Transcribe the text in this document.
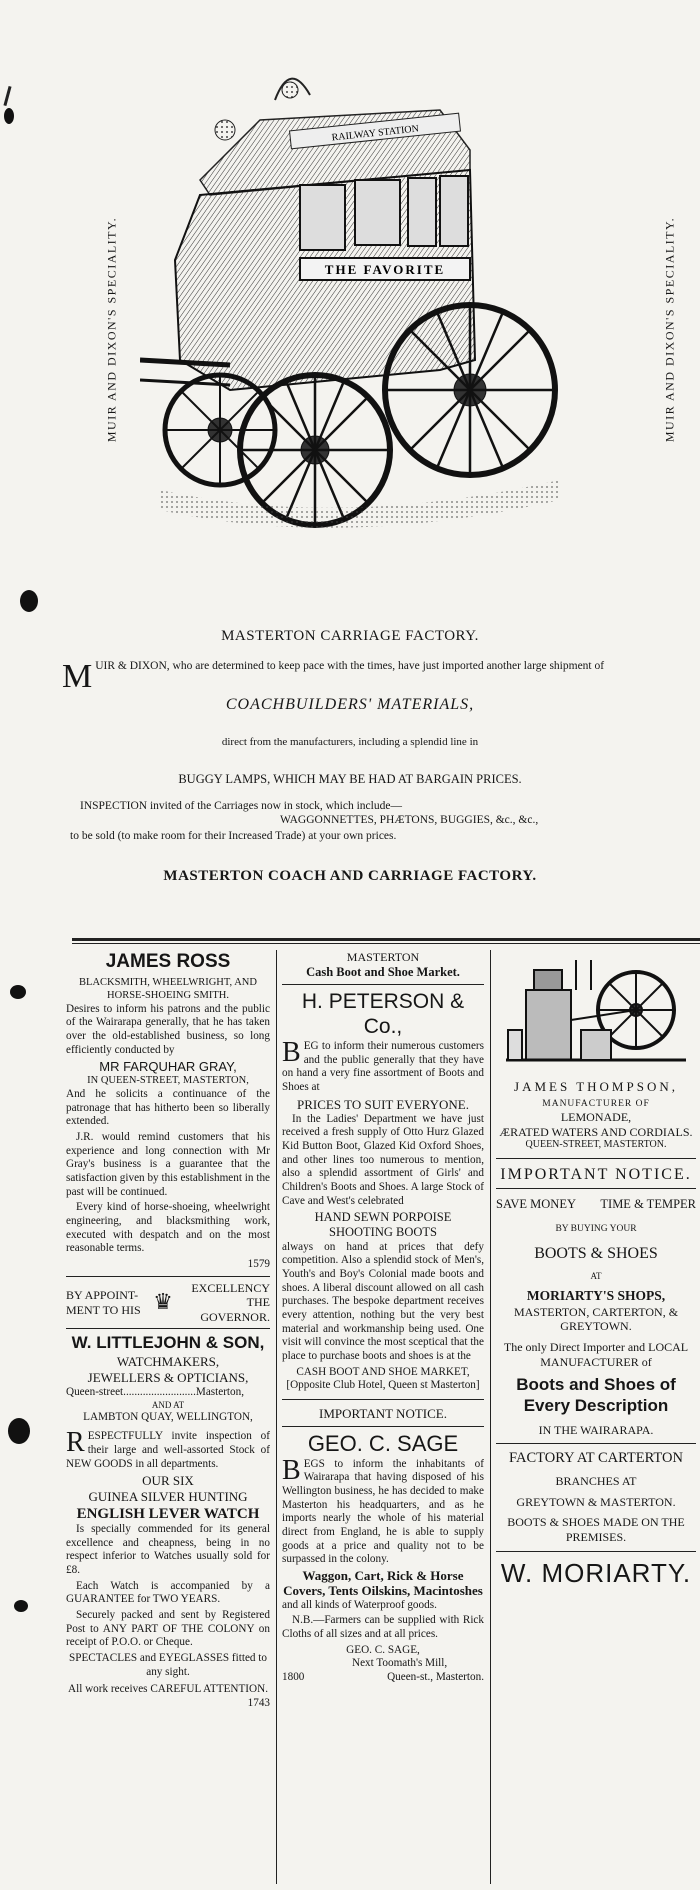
MUIR AND DIXON'S SPECIALITY.	MUIR AND DIXON'S SPECIALITY.
RAILWAY STATION
THE FAVORITE
MASTERTON CARRIAGE FACTORY.
M UIR & DIXON, who are determined to keep pace with the times, have just imported another large shipment of
COACHBUILDERS' MATERIALS,
direct from the manufacturers, including a splendid line in
BUGGY LAMPS, WHICH MAY BE HAD AT BARGAIN PRICES.
INSPECTION invited of the Carriages now in stock, which include—
WAGGONNETTES, PHÆTONS, BUGGIES, &c., &c.,
to be sold (to make room for their Increased Trade) at your own prices.
MASTERTON COACH AND CARRIAGE FACTORY.
JAMES ROSS
BLACKSMITH, WHEELWRIGHT, AND HORSE-SHOEING SMITH.

Desires to inform his patrons and the public of the Wairarapa generally, that he has taken over the old-established business, so long efficiently conducted by

MR FARQUHAR GRAY,
IN QUEEN-STREET, MASTERTON,

And he solicits a continuance of the patronage that has hitherto been so liberally extended.

J.R. would remind customers that his experience and long connection with Mr Gray's business is a guarantee that the satisfaction given by this establishment in the past will be continued.

Every kind of horse-shoeing, wheelwright engineering, and blacksmithing work, executed with despatch and on the most reasonable terms.

1579
BY APPOINT-MENT TO HIS ♛
EXCELLENCY THE GOVERNOR.
W. LITTLEJOHN & SON,
WATCHMAKERS,
JEWELLERS & OPTICIANS,
Queen-street..........................Masterton,
AND AT
LAMBTON QUAY, WELLINGTON,

R ESPECTFULLY invite inspection of their large and well-assorted Stock of NEW GOODS in all departments.

OUR SIX
GUINEA SILVER HUNTING
ENGLISH LEVER WATCH

Is specially commended for its general excellence and cheapness, being in no respect inferior to Watches usually sold for £8.

Each Watch is accompanied by a GUARANTEE for TWO YEARS.

Securely packed and sent by Registered Post to ANY PART OF THE COLONY on receipt of P.O.O. or Cheque.

SPECTACLES and EYEGLASSES fitted to any sight.
All work receives CAREFUL ATTENTION.
1743
MASTERTON
Cash Boot and Shoe Market.
H. PETERSON & Co.,

B EG to inform their numerous customers and the public generally that they have on hand a very fine assortment of Boots and Shoes at

PRICES TO SUIT EVERYONE.

In the Ladies' Department we have just received a fresh supply of Otto Hurz Glazed Kid Button Boot, Glazed Kid Oxford Shoes, and other lines too numerous to mention, also a splendid assortment of Girls' and Children's Boots and Shoes. A large Stock of Cave and West's celebrated

HAND SEWN PORPOISE SHOOTING BOOTS

always on hand at prices that defy competition. Also a splendid stock of Men's, Youth's and Boy's Colonial made boots and shoes. A liberal discount allowed on all cash purchases. The bespoke department receives every attention, nothing but the very best material and workmanship being used. One visit will convince the most sceptical that the place to purchase boots and shoes is at the

CASH BOOT AND SHOE MARKET,
[Opposite Club Hotel, Queen st Masterton]
IMPORTANT NOTICE.
GEO. C. SAGE

B EGS to inform the inhabitants of Wairarapa that having disposed of his Wellington business, he has decided to make Masterton his headquarters, and as he imports nearly the whole of his material direct from England, he is able to supply goods at a price and quality not to be surpassed in the colony.

Waggon, Cart, Rick & Horse Covers, Tents Oilskins, Macintoshes

and all kinds of Waterproof goods.

N.B.—Farmers can be supplied with Rick Cloths of all sizes and at all prices.

GEO. C. SAGE,
Next Toomath's Mill,
1800	Queen-st., Masterton.
JAMES THOMPSON,
MANUFACTURER OF
LEMONADE,
ÆRATED WATERS AND CORDIALS.
QUEEN-STREET, MASTERTON.
IMPORTANT NOTICE.
SAVE MONEY TIME & TEMPER
BY BUYING YOUR
BOOTS & SHOES
AT
MORIARTY'S SHOPS,
MASTERTON, CARTERTON, & GREYTOWN.
The only Direct Importer and LOCAL MANUFACTURER of
Boots and Shoes of Every Description
IN THE WAIRARAPA.
FACTORY AT CARTERTON
BRANCHES AT
GREYTOWN & MASTERTON.
BOOTS & SHOES MADE ON THE PREMISES.
W. MORIARTY.
